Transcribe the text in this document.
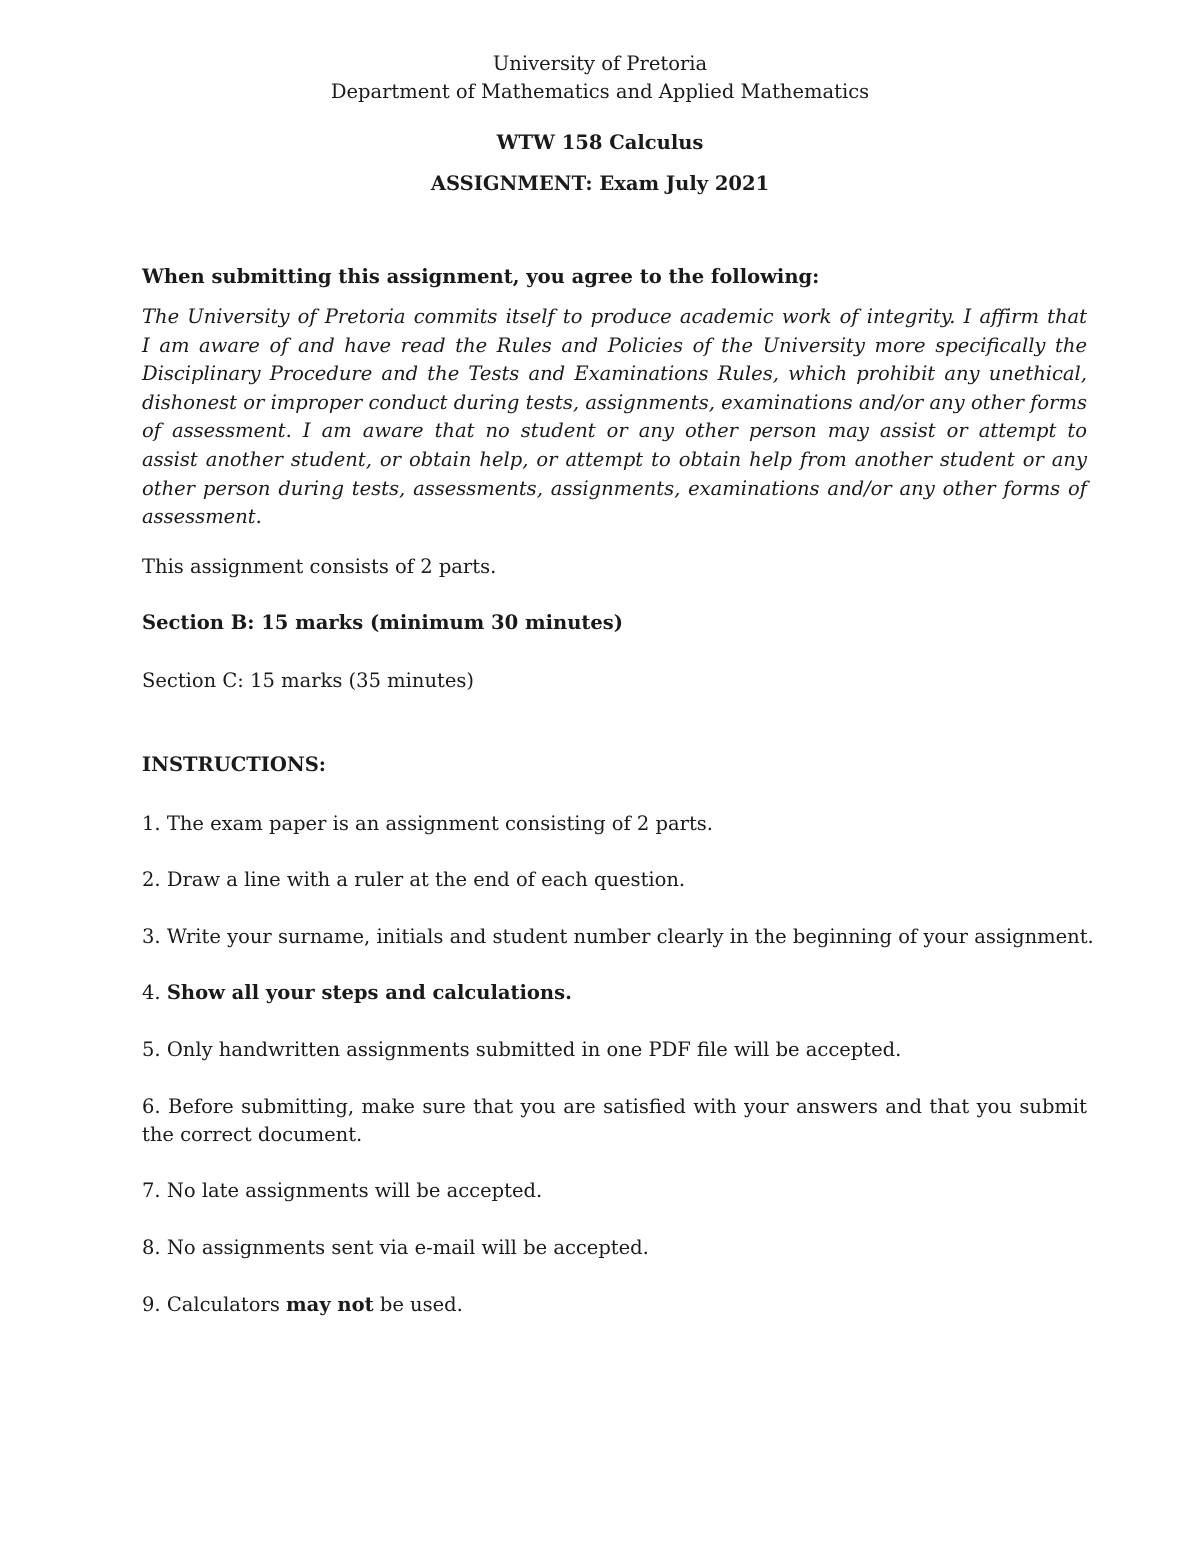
University of Pretoria
Department of Mathematics and Applied Mathematics
WTW 158 Calculus
ASSIGNMENT: Exam July 2021
When submitting this assignment, you agree to the following:
The University of Pretoria commits itself to produce academic work of integrity. I affirm that
I am aware of and have read the Rules and Policies of the University more specifically the
Disciplinary Procedure and the Tests and Examinations Rules, which prohibit any unethical,
dishonest or improper conduct during tests, assignments, examinations and/or any other forms
of assessment. I am aware that no student or any other person may assist or attempt to
assist another student, or obtain help, or attempt to obtain help from another student or any
other person during tests, assessments, assignments, examinations and/or any other forms of
assessment.
This assignment consists of 2 parts.
Section B: 15 marks (minimum 30 minutes)
Section C: 15 marks (35 minutes)
INSTRUCTIONS:
1. The exam paper is an assignment consisting of 2 parts.
2. Draw a line with a ruler at the end of each question.
3. Write your surname, initials and student number clearly in the beginning of your assignment.
4. Show all your steps and calculations.
5. Only handwritten assignments submitted in one PDF file will be accepted.
6. Before submitting, make sure that you are satisfied with your answers and that you submit
the correct document.
7. No late assignments will be accepted.
8. No assignments sent via e-mail will be accepted.
9. Calculators may not be used.
